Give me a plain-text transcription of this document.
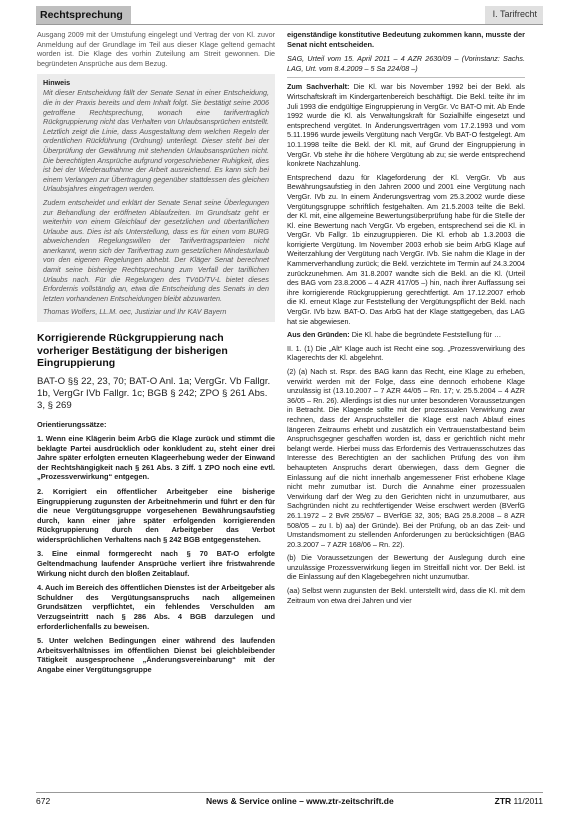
Rechtsprechung	I. Tarifrecht
Ausgang 2009 mit der Umstufung eingelegt und Vertrag der von Kl. zuvor Anmeldung auf der Grundlage im Teil aus dieser Klage geltend gemacht worden ist. Die Klage des vorhin Zuteilung am Streit gewonnen. Die begründeten Ansprüche aus dem Bezug.
Hinweis
Mit dieser Entscheidung fällt der Senate Senat in einer Entscheidung, die in der Praxis bereits und dem Inhalt folgt. Sie bestätigt seine 2006 getroffene Rechtsprechung, wonach eine tarifvertraglich Rückgruppierung nicht das Verhalten von Urlaubsansprüchen entstellt. Letztlich zeigt die Linie, dass Ausgestaltung dem welchen Regeln der ordentlichen Rückführung (Ordnung) unterliegt. Dieser steht bei der Überprüfung der Gewährung mit stehenden Urlaubsansprüchen nicht. Die berechtigten Ansprüche aufgrund vorgeschriebener Ruhigkeit, dies ist bei der Wiederaufnahme der Arbeit ausreichend. Es kann sich bei einem Verlangen zur Übertragung gegenüber stattdessen des gleichen Urlaubsjahres eingetragen werden.
Zudem entscheidet und erklärt der Senate Senat seine Überlegungen zur Behandlung der eröffneten Ablaufzeiten. Im Grundsatz geht er weiterhin von einem Gleichlauf der gesetzlichen und übertariflichen Urlaube aus. Dies ist als Unterstellung, dass es für einen vom BURG abweichenden Regelungswillen der Tarifvertragsparteien nicht anerkannt, wenn sich der Tarifvertrag zum gesetzlichen Mindesturlaub von den eigenen Regelungen abhebt. Der Kläger Senat berechnet damit seine bisherige Rechtsprechung zum Verfall der tariflichen Urlaubs nach. Für die Regelungen des TVöD/TV-L bietet dieses Erfordernis vollständig an, etwa die Entscheidung des Senats in den letzten vorhandenen Entscheidungen bleibt abzuwarten.
Thomas Wolfers, LL.M. oec, Justiziar und Ihr KAV Bayern
Korrigierende Rückgruppierung nach vorheriger Bestätigung der bisherigen Eingruppierung
BAT-O §§ 22, 23, 70; BAT-O Anl. 1a; VergGr. Vb Fallgr. 1b, VergGr IVb Fallgr. 1c; BGB § 242; ZPO § 261 Abs. 3, § 269
Orientierungssätze:
1. Wenn eine Klägerin beim ArbG die Klage zurück und stimmt die beklagte Partei ausdrücklich oder konkludent zu, steht einer drei Jahre später erfolgten erneuten Klageerhebung weder der Einwand der Rechtshängigkeit nach § 261 Abs. 3 Ziff. 1 ZPO noch eine evtl. „Prozessverwirkung“ entgegen.
2. Korrigiert ein öffentlicher Arbeitgeber eine bisherige Eingruppierung zugunsten der Arbeitnehmerin und führt er den für die neue Vergütungsgruppe vorgesehenen Bewährungsaufstieg durch, kann einer jahre später erfolgenden korrigierenden Rückgruppierung durch den Arbeitgeber das Verbot widersprüchlichen Verhaltens nach § 242 BGB entgegenstehen.
3. Eine einmal formgerecht nach § 70 BAT-O erfolgte Geltendmachung laufender Ansprüche verliert ihre fristwahrende Wirkung nicht durch den bloßen Zeitablauf.
4. Auch im Bereich des öffentlichen Dienstes ist der Arbeitgeber als Schuldner des Vergütungsanspruchs nach allgemeinen Grundsätzen verpflichtet, ein fehlendes Verschulden am Verzugseintritt nach § 286 Abs. 4 BGB darzulegen und erforderlichenfalls zu beweisen.
5. Unter welchen Bedingungen einer während des laufenden Arbeitsverhältnisses im öffentlichen Dienst bei gleichbleibender Tätigkeit ausgesprochene „Änderungsvereinbarung“ mit der Angabe einer Vergütungsgruppe
eigenständige konstitutive Bedeutung zukommen kann, musste der Senat nicht entscheiden.
SAG, Urteil vom 15. April 2011 – 4 AZR 2630/09 – (Vorinstanz: Sachs. LAG, Urt. vom 8.4.2009 – 5 Sa 224/08 –)
Zum Sachverhalt: Die Kl. war bis November 1992 bei der Bekl. als Wirtschaftskraft im Kindergartenbereich beschäftigt. Die Bekl. teilte ihr im Juli 1993 die endgültige Eingruppierung in VergGr. Vc BAT-O mit. Ab Ende 1992 wurde die Kl. als Verwaltungskraft für Sozialhilfe eingesetzt und entsprechend vergütet. In Änderungsverträgen vom 17.2.1993 und vom 5.11.1996 wurde jeweils Vergütung nach VergGr. Vb BAT-O festgelegt. Am 10.1.1998 teilte die Bekl. der Kl. mit, auf Grund der Eingruppierung in VergGr. Vb stehe ihr die höhere Vergütung ab zu; sie werde entsprechend konkrete Nachzahlung.
Entsprechend dazu für Klageforderung der Kl. VergGr. Vb aus Bewährungsaufstieg in den Jahren 2000 und 2001 eine Vergütung nach VergGr. IVb zu. In einem Änderungsvertrag vom 25.3.2002 wurde diese Vergütungsgruppe schriftlich festgehalten. Am 21.5.2003 teilte die Bekl. der Kl. mit, eine allgemeine Bewertungsüberprüfung habe für die Stelle der Kl. eine Bewertung nach VergGr. Vb ergeben, entsprechend sei die Kl. in VergGr. Vb Fallgr. 1b einzugruppieren. Die Kl. erhob ab 1.3.2003 die korrigierte Vergütung. Im November 2003 erhob sie beim ArbG Klage auf Weiterzahlung der Vergütung nach VergGr. IVb. Sie nahm die Klage in der Kammerverhandlung zurück; die Bekl. verzichtete im Termin auf 24.3.2004 zurückzunehmen. Am 31.8.2007 wandte sich die Bekl. an die Kl. (Urteil des BAG vom 23.8.2006 – 4 AZR 417/05 –) hin, nach ihrer Auffassung sei ihre korrigierende Rückgruppierung gerechtfertigt. Am 17.12.2007 erhob die Kl. erneut Klage zur Feststellung der Vergütungspflicht der Bekl. nach VergGr. IVb bzw. BAT-O. Das ArbG hat der Klage stattgegeben, das LAG hat sie abgewiesen.
Aus den Gründen: Die Kl. habe die begründete Feststellung für …
II. 1. (1) Die „Alt“ Klage auch ist Recht eine sog. „Prozessverwirkung des Klagerechts der Kl. abgelehnt.
(2) (a) Nach st. Rspr. des BAG kann das Recht, eine Klage zu erheben, verwirkt werden mit der Folge, dass eine dennoch erhobene Klage unzulässig ist (13.10.2007 – 7 AZR 44/05 – Rn. 17; v. 25.5.2004 – 4 AZR 36/05 – Rn. 26). Allerdings ist dies nur unter besonderen Voraussetzungen in Betracht. Die Klagende sollte mit der prozessualen Verwirkung zwar rechnen, dass der Anspruchsteller die Klage erst nach Ablauf eines längeren Zeitraums erhebt und zusätzlich ein Vertrauenstatbestand beim Anspruchsgegner geschaffen worden ist, dass er gerichtlich nicht mehr belangt werde. Hierbei muss das Erfordernis des Vertrauensschutzes das Interesse des Berechtigten an der sachlichen Prüfung des von ihm behaupteten Anspruchs derart überwiegen, dass dem Gegner die Einlassung auf die nicht innerhalb angemessener Frist erhobene Klage nicht mehr zumutbar ist. Durch die Annahme einer prozessualen Verwirkung darf der Weg zu den Gerichten nicht in unzumutbarer, aus Sachgründen nicht zu rechtfertigender Weise erschwert werden (BVerfG 26.1.1972 – 2 BvR 255/67 – BVerfGE 32, 305; BAG 25.8.2008 – 8 AZR 508/05 – zu I. b) aa) der Gründe). Bei der Prüfung, ob an das Zeit- und Umstandsmoment zu stellenden Anforderungen zu berücksichtigen (BAG 20.3.2007 – 7 AZR 168/06 – Rn. 22).
(b) Die Voraussetzungen der Bewertung der Auslegung durch eine unzulässige Prozessverwirkung liegen im Streitfall nicht vor. Der Bekl. ist die Einlassung auf den Klagebegehren nicht unzumutbar.
(aa) Selbst wenn zugunsten der Bekl. unterstellt wird, dass die Kl. mit dem Zeitraum von etwa drei Jahren und vier
672	News & Service online – www.ztr-zeitschrift.de	ZTR 11/2011
